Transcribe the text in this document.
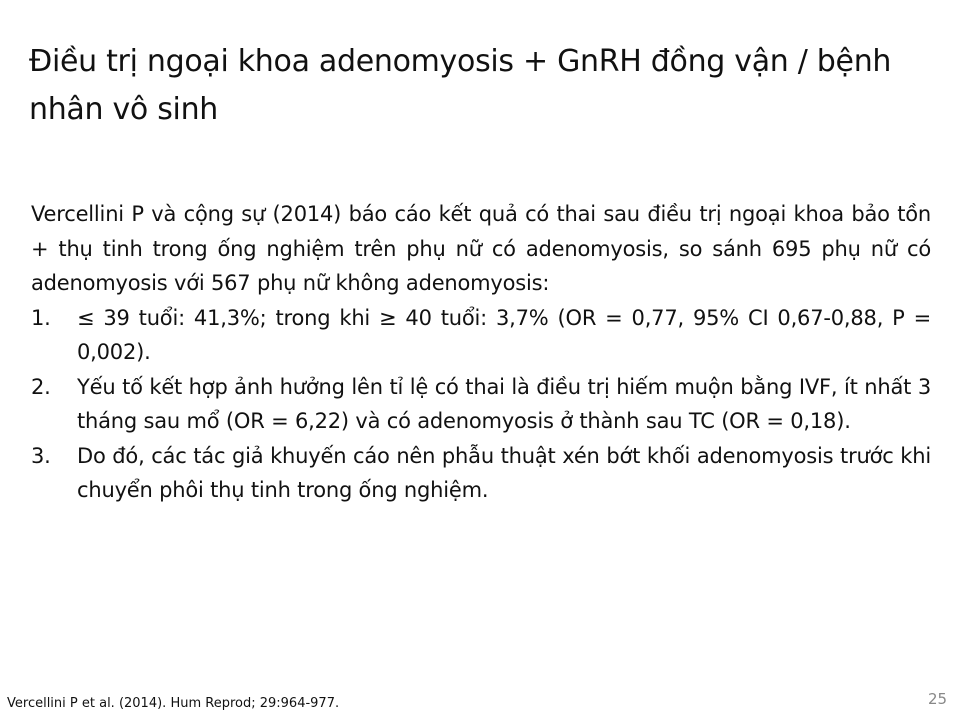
Điều trị ngoại khoa adenomyosis + GnRH đồng vận / bệnh nhân vô sinh

Vercellini P và cộng sự (2014) báo cáo kết quả có thai sau điều trị ngoại khoa bảo tồn + thụ tinh trong ống nghiệm trên phụ nữ có adenomyosis, so sánh 695 phụ nữ có adenomyosis với 567 phụ nữ không adenomyosis:

1. ≤ 39 tuổi: 41,3%; trong khi ≥ 40 tuổi: 3,7% (OR = 0,77, 95% CI 0,67-0,88, P = 0,002).
2. Yếu tố kết hợp ảnh hưởng lên tỉ lệ có thai là điều trị hiếm muộn bằng IVF, ít nhất 3 tháng sau mổ (OR = 6,22) và có adenomyosis ở thành sau TC (OR = 0,18).
3. Do đó, các tác giả khuyến cáo nên phẫu thuật xén bớt khối adenomyosis trước khi chuyển phôi thụ tinh trong ống nghiệm.
Vercellini P et al. (2014). Hum Reprod; 29:964-977.	25
